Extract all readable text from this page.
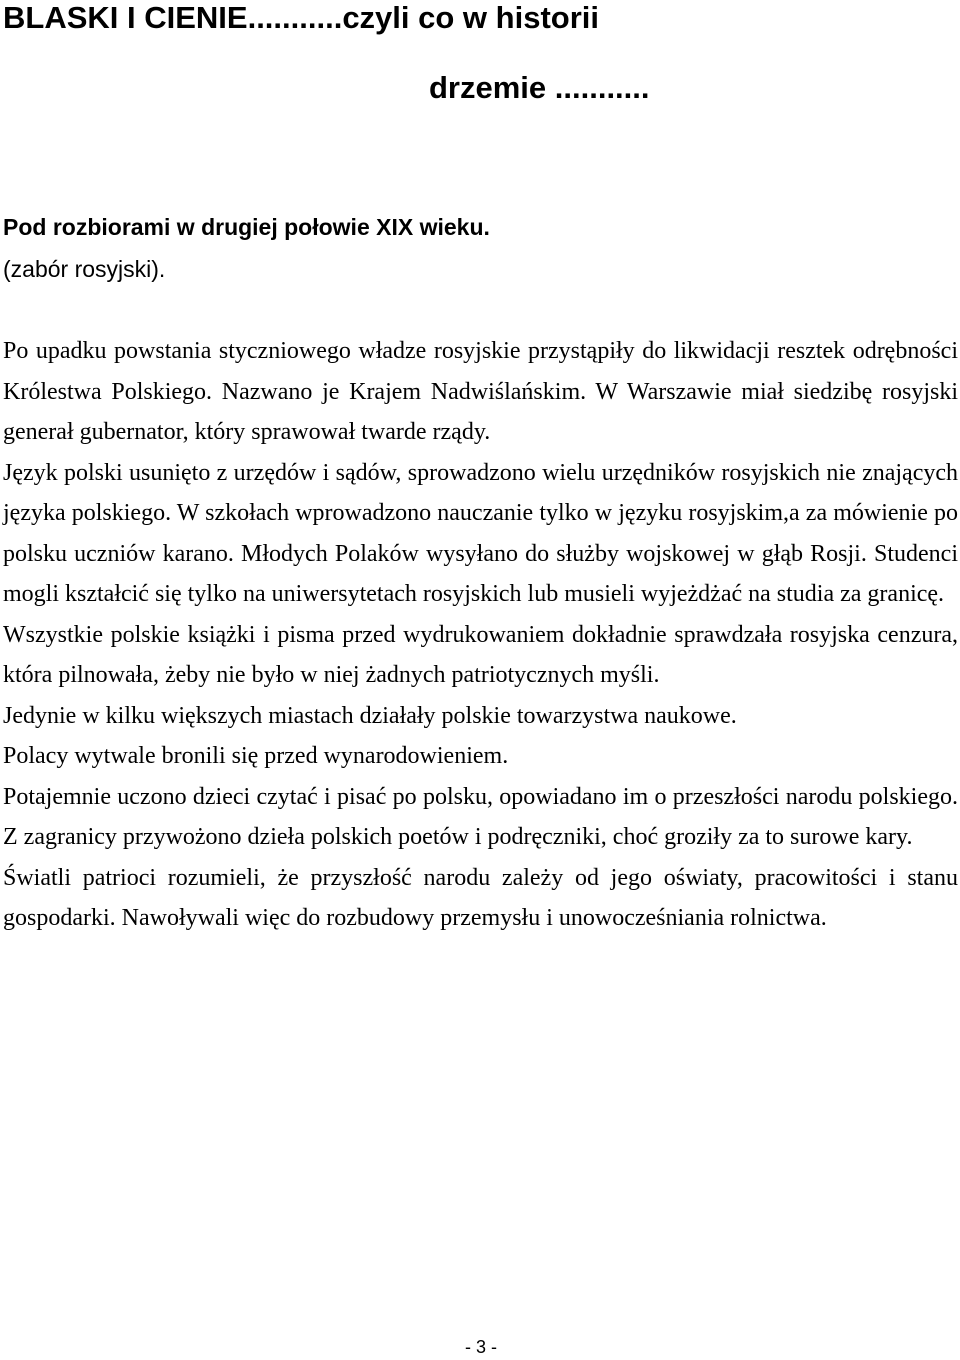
BLASKI I CIENIE...........czyli co w historii
drzemie ...........
Pod rozbiorami w drugiej połowie XIX wieku.
(zabór rosyjski).

Po upadku powstania styczniowego władze rosyjskie przystąpiły do likwidacji resztek odrębności Królestwa Polskiego. Nazwano je Krajem Nadwiślańskim. W Warszawie miał siedzibę rosyjski generał gubernator, który sprawował twarde rządy.

Język polski usunięto z urzędów i sądów, sprowadzono wielu urzędników rosyjskich nie znających języka polskiego. W szkołach wprowadzono nauczanie tylko w języku rosyjskim,a za mówienie po polsku uczniów karano. Młodych Polaków wysyłano do służby wojskowej w głąb Rosji. Studenci mogli kształcić się tylko na uniwersytetach rosyjskich lub musieli wyjeżdżać na studia za granicę.

Wszystkie polskie książki i pisma przed wydrukowaniem dokładnie sprawdzała rosyjska cenzura, która pilnowała, żeby nie było w niej żadnych patriotycznych myśli.

Jedynie w kilku większych miastach działały polskie towarzystwa naukowe.

Polacy wytwale bronili się przed wynarodowieniem.

Potajemnie uczono dzieci czytać i pisać po polsku, opowiadano im o przeszłości narodu polskiego. Z zagranicy przywożono dzieła polskich poetów i podręczniki, choć groziły za to surowe kary.

Światli patrioci rozumieli, że przyszłość narodu zależy od jego oświaty, pracowitości i stanu gospodarki. Nawoływali więc do rozbudowy przemysłu i unowocześniania rolnictwa.

- 3 -
